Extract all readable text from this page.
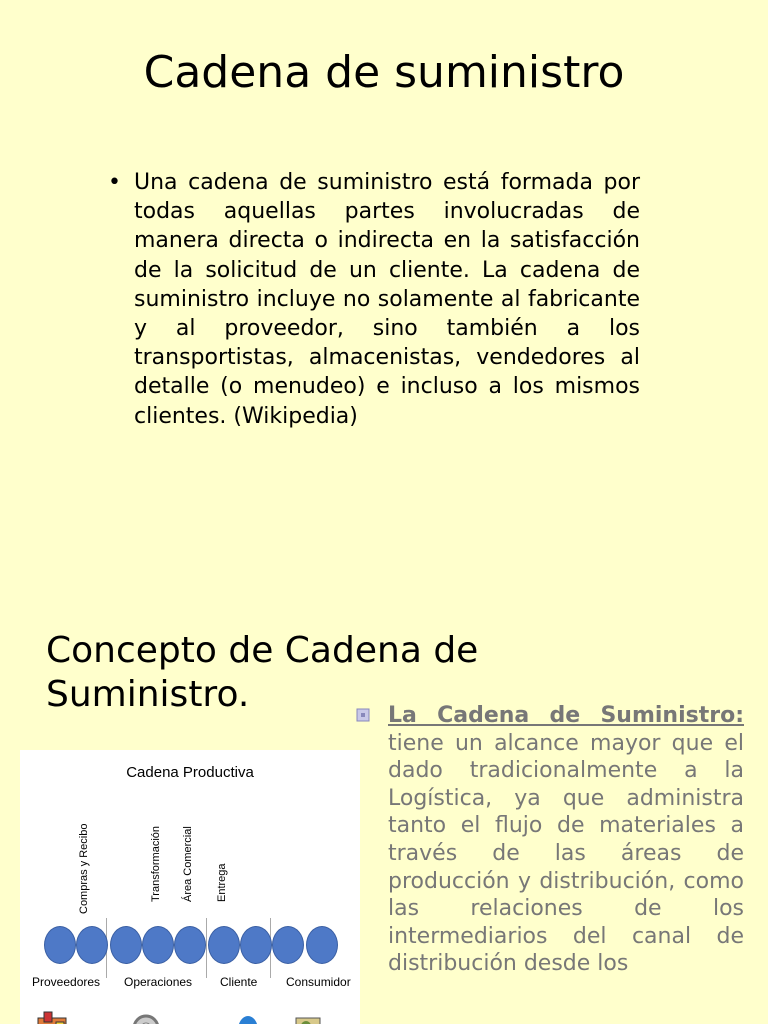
Cadena de suministro
• Una cadena de suministro está formada por todas aquellas partes involucradas de manera directa o indirecta en la satisfacción de la solicitud de un cliente. La cadena de suministro incluye no solamente al fabricante y al proveedor, sino también a los transportistas, almacenistas, vendedores al detalle (o menudeo) e incluso a los mismos clientes. (Wikipedia)
Concepto de Cadena de Suministro.
Cadena Productiva
Compras y Recibo	Transformación Área Comercial Entrega
Proveedores Operaciones Cliente Consumidor
La Cadena de Suministro: tiene un alcance mayor que el dado tradicionalmente a la Logística, ya que administra tanto el flujo de materiales a través de las áreas de producción y distribución, como las relaciones de los intermediarios del canal de distribución desde los
